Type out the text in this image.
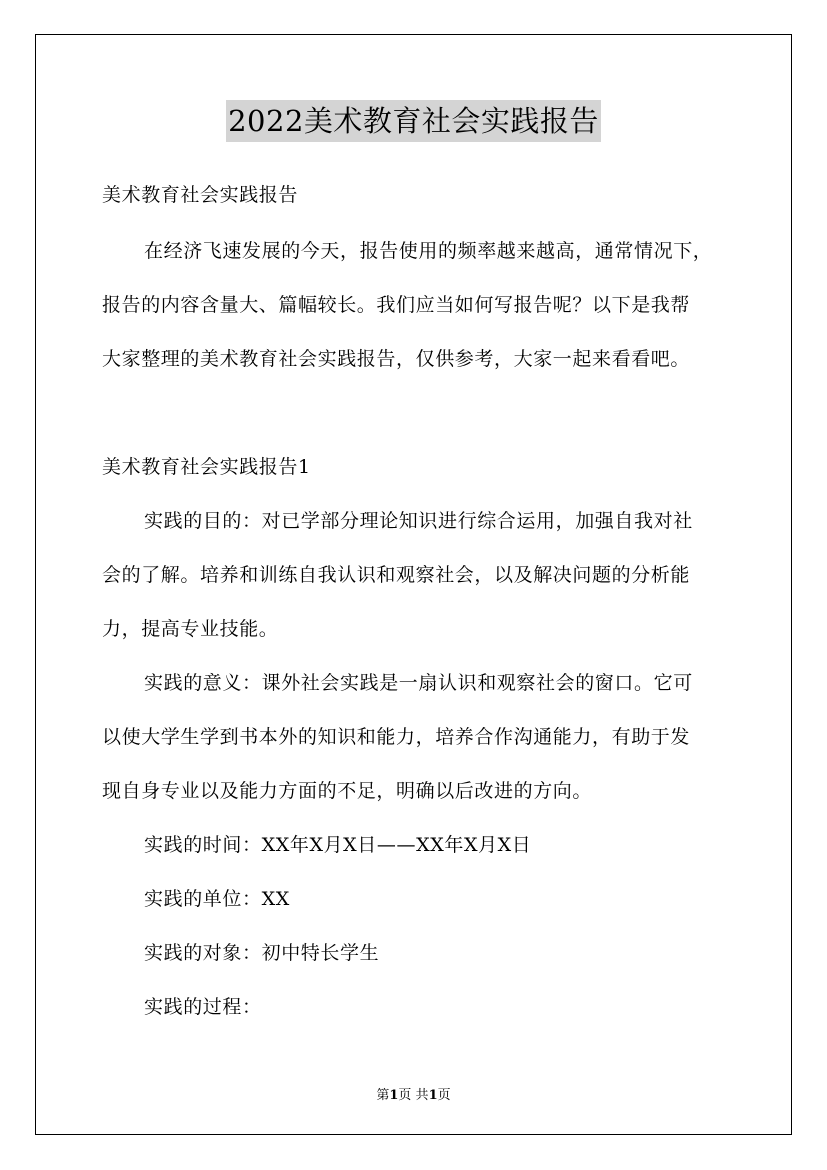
2022美术教育社会实践报告
美术教育社会实践报告
在经济飞速发展的今天，报告使用的频率越来越高，通常情况下，
报告的内容含量大、篇幅较长。我们应当如何写报告呢？以下是我帮
大家整理的美术教育社会实践报告，仅供参考，大家一起来看看吧。
美术教育社会实践报告1
实践的目的：对已学部分理论知识进行综合运用，加强自我对社
会的了解。培养和训练自我认识和观察社会，以及解决问题的分析能
力，提高专业技能。
实践的意义：课外社会实践是一扇认识和观察社会的窗口。它可
以使大学生学到书本外的知识和能力，培养合作沟通能力，有助于发
现自身专业以及能力方面的不足，明确以后改进的方向。
实践的时间：XX年X月X日——XX年X月X日
实践的单位：XX
实践的对象：初中特长学生
实践的过程：
第1页 共1页
